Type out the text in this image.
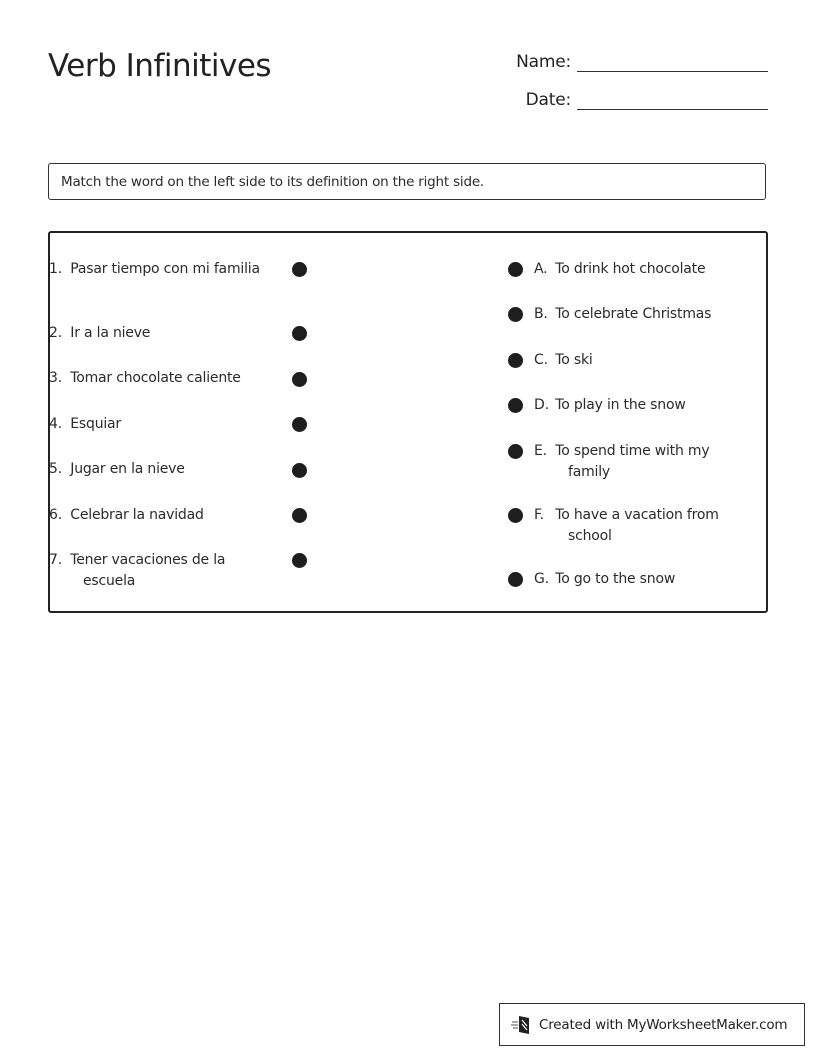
Verb Infinitives	Name:
Date:
Match the word on the left side to its definition on the right side.
1. Pasar tiempo con mi familia
2. Ir a la nieve
3. Tomar chocolate caliente
4. Esquiar
5. Jugar en la nieve
6. Celebrar la navidad
7. Tener vacaciones de la escuela
A. To drink hot chocolate
B. To celebrate Christmas
C. To ski
D. To play in the snow
E. To spend time with my family
F. To have a vacation from school
G. To go to the snow
Created with MyWorksheetMaker.com
